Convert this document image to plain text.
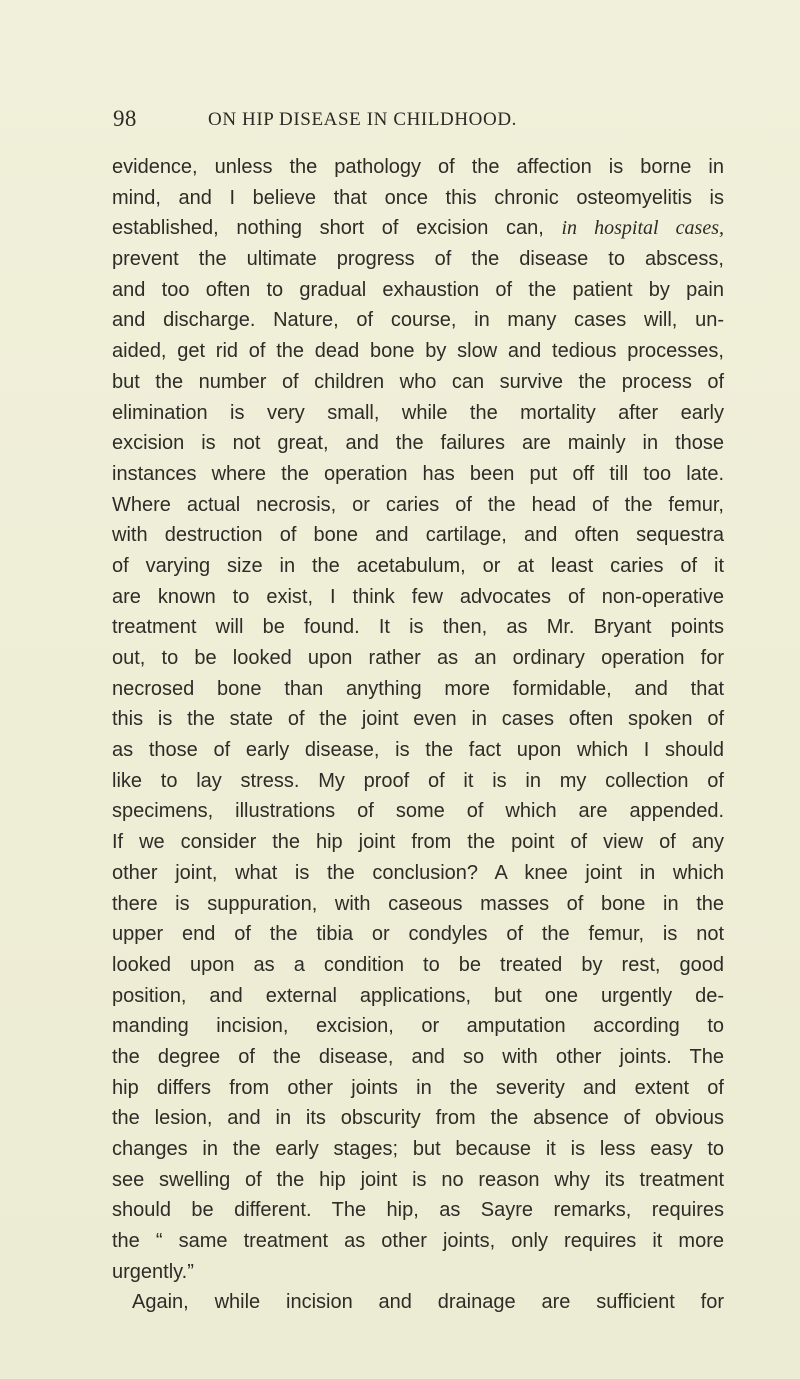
98	ON HIP DISEASE IN CHILDHOOD.
evidence, unless the pathology of the affection is borne in
mind, and I believe that once this chronic osteomyelitis is
established, nothing short of excision can, in hospital cases,
prevent the ultimate progress of the disease to abscess,
and too often to gradual exhaustion of the patient by pain
and discharge. Nature, of course, in many cases will, un-
aided, get rid of the dead bone by slow and tedious processes,
but the number of children who can survive the process of
elimination is very small, while the mortality after early
excision is not great, and the failures are mainly in those
instances where the operation has been put off till too late.
Where actual necrosis, or caries of the head of the femur,
with destruction of bone and cartilage, and often sequestra
of varying size in the acetabulum, or at least caries of it
are known to exist, I think few advocates of non-operative
treatment will be found. It is then, as Mr. Bryant points
out, to be looked upon rather as an ordinary operation for
necrosed bone than anything more formidable, and that
this is the state of the joint even in cases often spoken of
as those of early disease, is the fact upon which I should
like to lay stress. My proof of it is in my collection of
specimens, illustrations of some of which are appended.
If we consider the hip joint from the point of view of any
other joint, what is the conclusion? A knee joint in which
there is suppuration, with caseous masses of bone in the
upper end of the tibia or condyles of the femur, is not
looked upon as a condition to be treated by rest, good
position, and external applications, but one urgently de-
manding incision, excision, or amputation according to
the degree of the disease, and so with other joints. The
hip differs from other joints in the severity and extent of
the lesion, and in its obscurity from the absence of obvious
changes in the early stages; but because it is less easy to
see swelling of the hip joint is no reason why its treatment
should be different. The hip, as Sayre remarks, requires
the “ same treatment as other joints, only requires it more
urgently.”
Again, while incision and drainage are sufficient for
